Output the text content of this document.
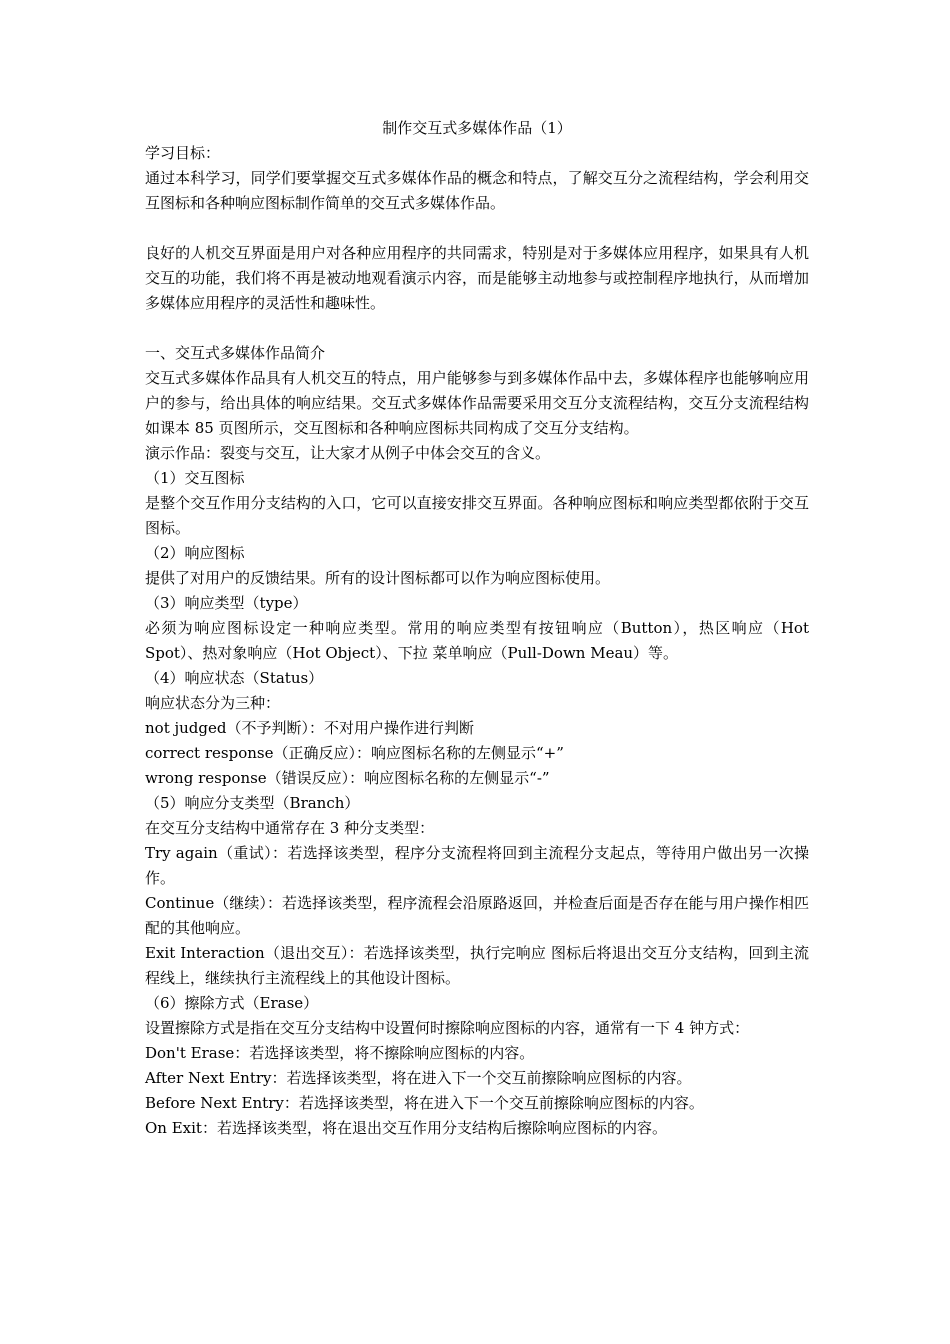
制作交互式多媒体作品（1）

学习目标：

通过本科学习，同学们要掌握交互式多媒体作品的概念和特点，了解交互分之流程结构，学会利用交互图标和各种响应图标制作简单的交互式多媒体作品。

良好的人机交互界面是用户对各种应用程序的共同需求，特别是对于多媒体应用程序，如果具有人机交互的功能，我们将不再是被动地观看演示内容，而是能够主动地参与或控制程序地执行，从而增加多媒体应用程序的灵活性和趣味性。

一、交互式多媒体作品简介

交互式多媒体作品具有人机交互的特点，用户能够参与到多媒体作品中去，多媒体程序也能够响应用户的参与，给出具体的响应结果。交互式多媒体作品需要采用交互分支流程结构，交互分支流程结构如课本 85 页图所示，交互图标和各种响应图标共同构成了交互分支结构。

演示作品：裂变与交互，让大家才从例子中体会交互的含义。

（1）交互图标

是整个交互作用分支结构的入口，它可以直接安排交互界面。各种响应图标和响应类型都依附于交互图标。

（2）响应图标

提供了对用户的反馈结果。所有的设计图标都可以作为响应图标使用。

（3）响应类型（type）

必须为响应图标设定一种响应类型。常用的响应类型有按钮响应（Button），热区响应（Hot Spot）、热对象响应（Hot Object）、下拉 菜单响应（Pull-Down Meau）等。

（4）响应状态（Status）

响应状态分为三种：

not judged（不予判断）：不对用户操作进行判断

correct response（正确反应）：响应图标名称的左侧显示“+”

wrong response（错误反应）：响应图标名称的左侧显示“-”

（5）响应分支类型（Branch）

在交互分支结构中通常存在 3 种分支类型：

Try again（重试）：若选择该类型，程序分支流程将回到主流程分支起点，等待用户做出另一次操作。

Continue（继续）：若选择该类型，程序流程会沿原路返回，并检查后面是否存在能与用户操作相匹配的其他响应。

Exit Interaction（退出交互）：若选择该类型，执行完响应 图标后将退出交互分支结构，回到主流程线上，继续执行主流程线上的其他设计图标。

（6）擦除方式（Erase）

设置擦除方式是指在交互分支结构中设置何时擦除响应图标的内容，通常有一下 4 钟方式：

Don't Erase：若选择该类型，将不擦除响应图标的内容。

After Next Entry：若选择该类型，将在进入下一个交互前擦除响应图标的内容。

Before Next Entry：若选择该类型，将在进入下一个交互前擦除响应图标的内容。

On Exit：若选择该类型，将在退出交互作用分支结构后擦除响应图标的内容。
